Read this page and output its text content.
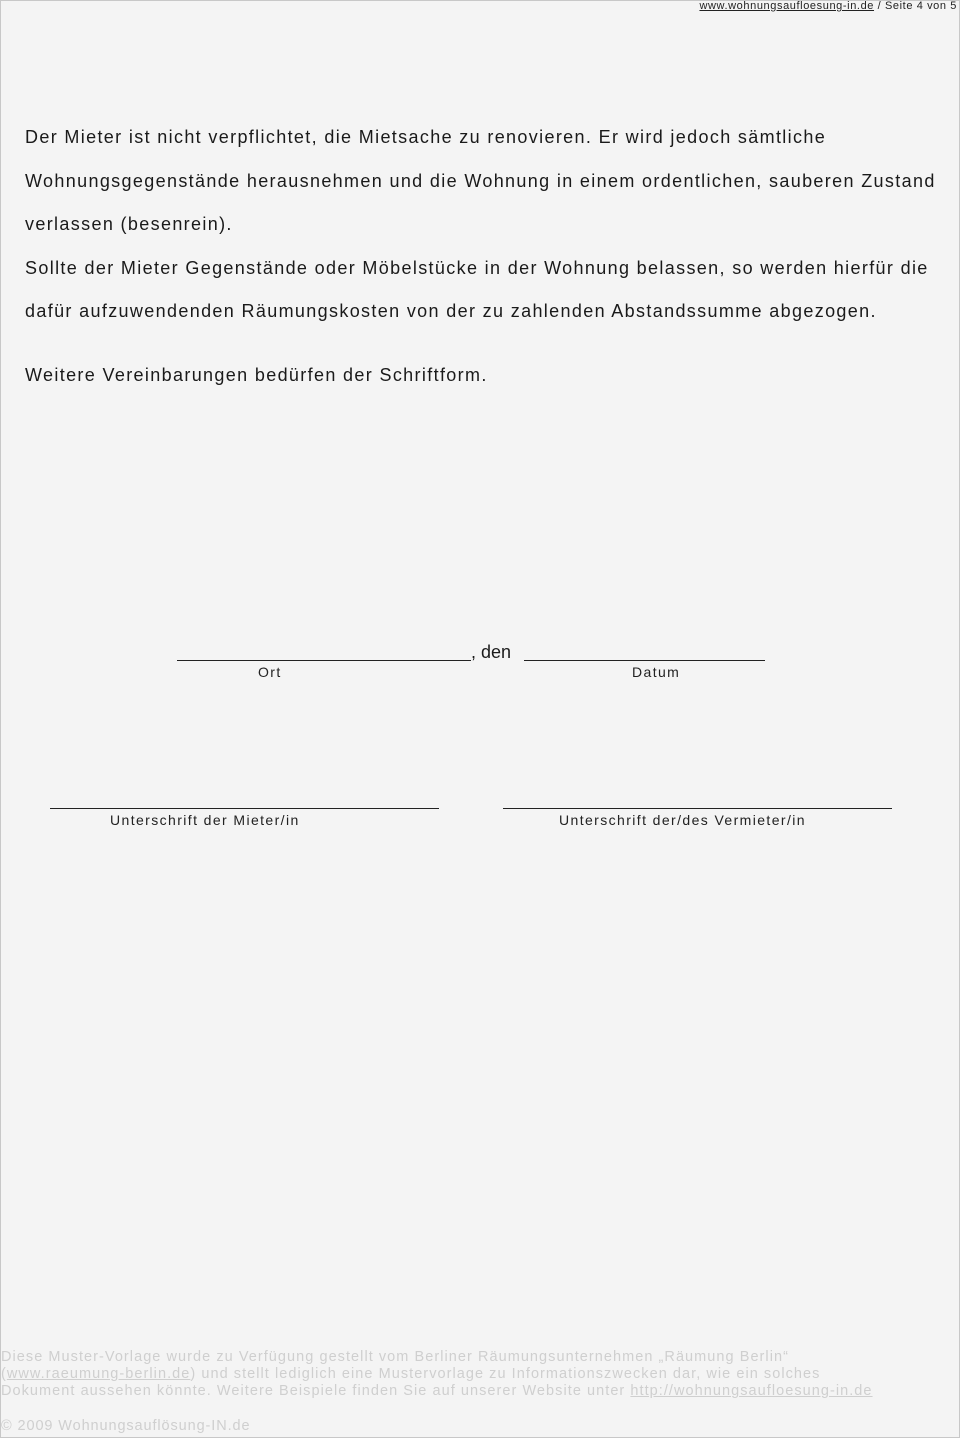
www.wohnungsaufloesung-in.de / Seite 4 von 5

Der Mieter ist nicht verpflichtet, die Mietsache zu renovieren. Er wird jedoch sämtliche Wohnungsgegenstände herausnehmen und die Wohnung in einem ordentlichen, sauberen Zustand verlassen (besenrein).

Sollte der Mieter Gegenstände oder Möbelstücke in der Wohnung belassen, so werden hierfür die dafür aufzuwendenden Räumungskosten von der zu zahlenden Abstandssumme abgezogen.

Weitere Vereinbarungen bedürfen der Schriftform.

, den
Ort	Datum
Unterschrift der Mieter/in	Unterschrift der/des Vermieter/in
Diese Muster-Vorlage wurde zu Verfügung gestellt vom Berliner Räumungsunternehmen „Räumung Berlin“
(www.raeumung-berlin.de) und stellt lediglich eine Mustervorlage zu Informationszwecken dar, wie ein solches
Dokument aussehen könnte. Weitere Beispiele finden Sie auf unserer Website unter http://wohnungsaufloesung-in.de
© 2009 Wohnungsauflösung-IN.de
